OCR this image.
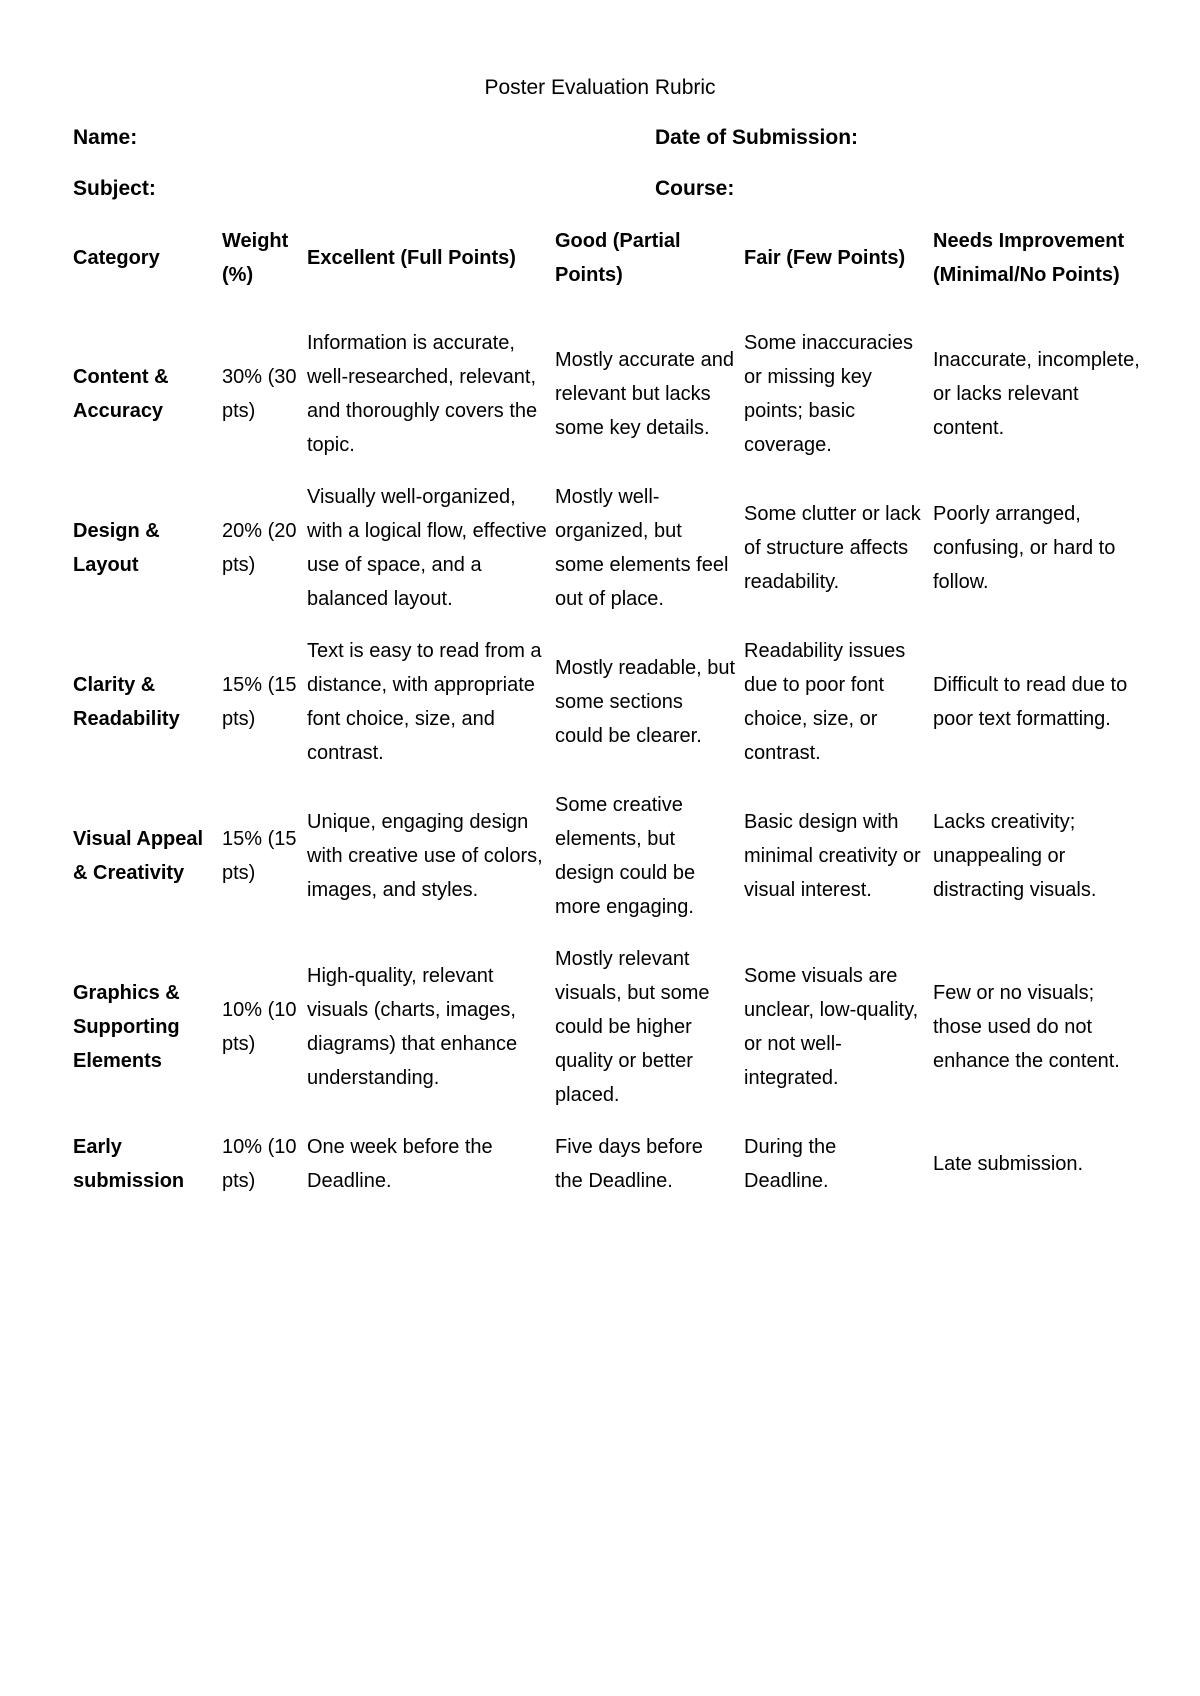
Poster Evaluation Rubric
Name:	Date of Submission:
Subject:	Course:
Category	Weight (%)	Excellent (Full Points)	Good (Partial Points)	Fair (Few Points)	Needs Improvement (Minimal/No Points)
Content & Accuracy	30% (30 pts)	Information is accurate, well-researched, relevant, and thoroughly covers the topic.	Mostly accurate and relevant but lacks some key details.	Some inaccuracies or missing key points; basic coverage.	Inaccurate, incomplete, or lacks relevant content.
Design & Layout	20% (20 pts)	Visually well-organized, with a logical flow, effective use of space, and a balanced layout.	Mostly well-organized, but some elements feel out of place.	Some clutter or lack of structure affects readability.	Poorly arranged, confusing, or hard to follow.
Clarity & Readability	15% (15 pts)	Text is easy to read from a distance, with appropriate font choice, size, and contrast.	Mostly readable, but some sections could be clearer.	Readability issues due to poor font choice, size, or contrast.	Difficult to read due to poor text formatting.
Visual Appeal & Creativity	15% (15 pts)	Unique, engaging design with creative use of colors, images, and styles.	Some creative elements, but design could be more engaging.	Basic design with minimal creativity or visual interest.	Lacks creativity; unappealing or distracting visuals.
Graphics & Supporting Elements	10% (10 pts)	High-quality, relevant visuals (charts, images, diagrams) that enhance understanding.	Mostly relevant visuals, but some could be higher quality or better placed.	Some visuals are unclear, low-quality, or not well-integrated.	Few or no visuals; those used do not enhance the content.
Early submission	10% (10 pts)	One week before the Deadline.	Five days before the Deadline.	During the Deadline.	Late submission.
